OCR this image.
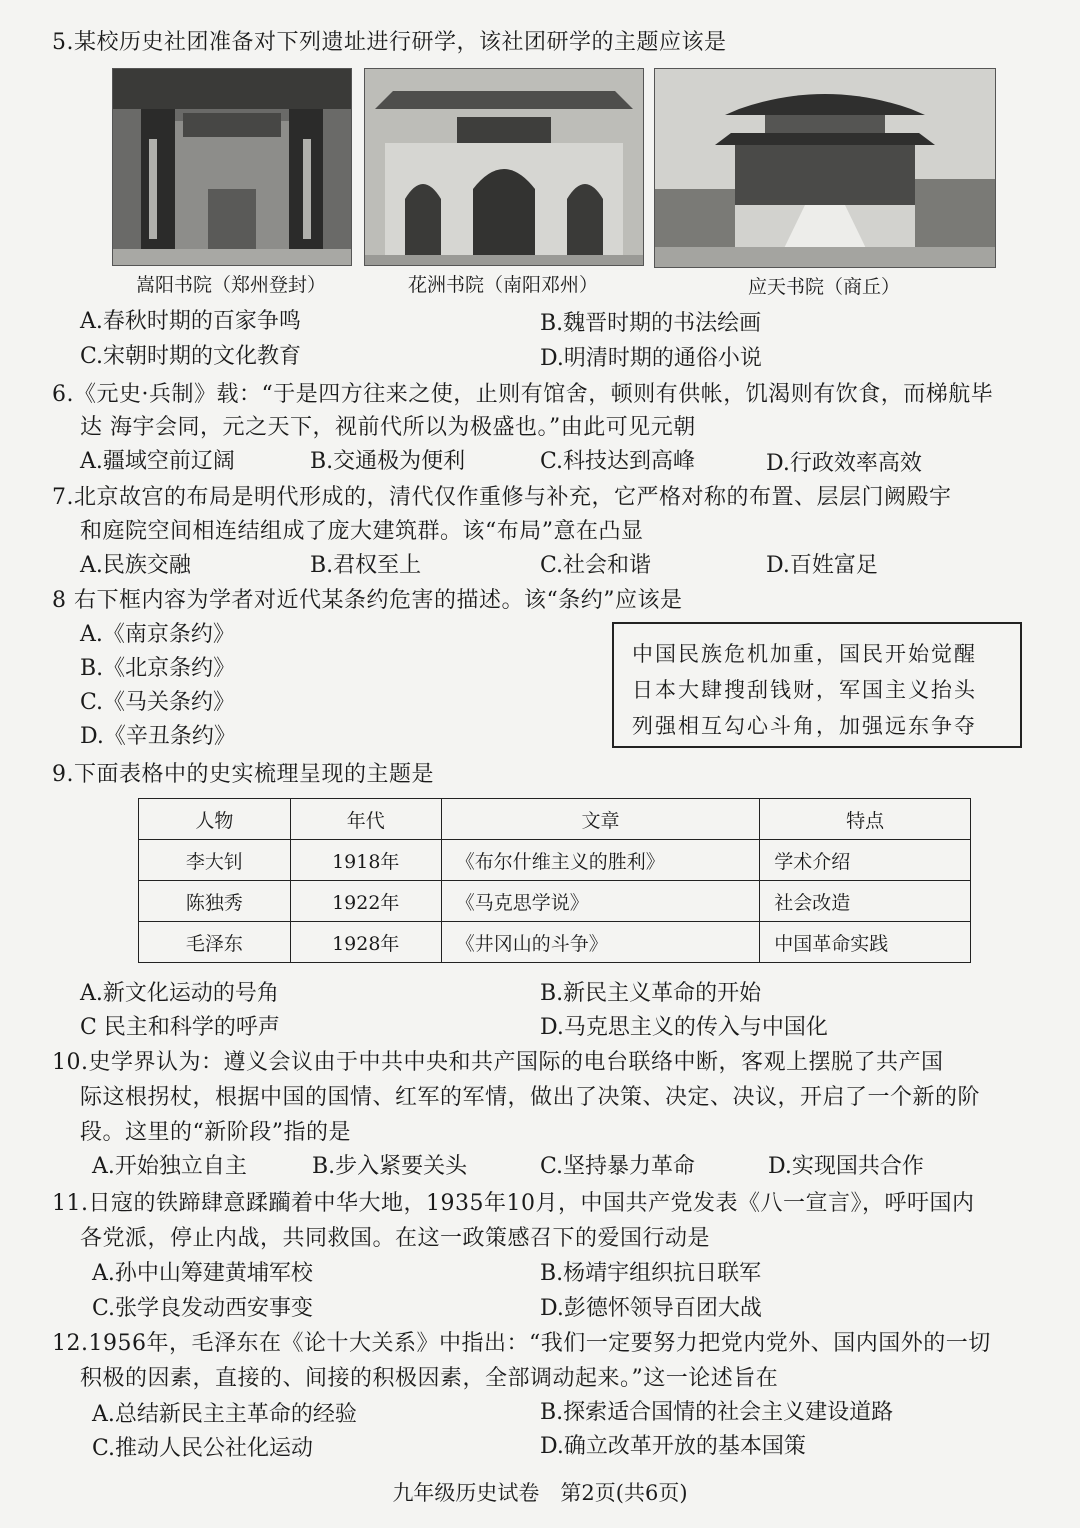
5.某校历史社团准备对下列遗址进行研学，该社团研学的主题应该是
嵩阳书院（郑州登封）	花洲书院（南阳邓州）	应天书院（商丘）
A.春秋时期的百家争鸣	B.魏晋时期的书法绘画
C.宋朝时期的文化教育	D.明清时期的通俗小说
6.《元史·兵制》载：“于是四方往来之使，止则有馆舍，顿则有供帐，饥渴则有饮食，而梯航毕
达 海宇会同，元之天下，视前代所以为极盛也。”由此可见元朝
A.疆域空前辽阔	B.交通极为便利	C.科技达到高峰	D.行政效率高效
7.北京故宫的布局是明代形成的，清代仅作重修与补充，它严格对称的布置、层层门阙殿宇
和庭院空间相连结组成了庞大建筑群。该“布局”意在凸显
A.民族交融	B.君权至上	C.社会和谐	D.百姓富足
8 右下框内容为学者对近代某条约危害的描述。该“条约”应该是
A.《南京条约》
B.《北京条约》
C.《马关条约》
D.《辛丑条约》
中国民族危机加重，国民开始觉醒
日本大肆搜刮钱财，军国主义抬头
列强相互勾心斗角，加强远东争夺
9.下面表格中的史实梳理呈现的主题是
人物	年代	文章	特点
李大钊	1918年	《布尔什维主义的胜利》	学术介绍
陈独秀	1922年	《马克思学说》	社会改造
毛泽东	1928年	《井冈山的斗争》	中国革命实践
A.新文化运动的号角	B.新民主义革命的开始
C 民主和科学的呼声	D.马克思主义的传入与中国化
10.史学界认为：遵义会议由于中共中央和共产国际的电台联络中断，客观上摆脱了共产国
际这根拐杖，根据中国的国情、红军的军情，做出了决策、决定、决议，开启了一个新的阶
段。这里的“新阶段”指的是
A.开始独立自主	B.步入紧要关头	C.坚持暴力革命	D.实现国共合作
11.日寇的铁蹄肆意蹂躏着中华大地，1935年10月，中国共产党发表《八一宣言》，呼吁国内
各党派，停止内战，共同救国。在这一政策感召下的爱国行动是
A.孙中山筹建黄埔军校	B.杨靖宇组织抗日联军
C.张学良发动西安事变	D.彭德怀领导百团大战
12.1956年，毛泽东在《论十大关系》中指出：“我们一定要努力把党内党外、国内国外的一切
积极的因素，直接的、间接的积极因素，全部调动起来。”这一论述旨在
A.总结新民主主革命的经验	B.探索适合国情的社会主义建设道路
C.推动人民公社化运动	D.确立改革开放的基本国策
九年级历史试卷　第2页(共6页)
